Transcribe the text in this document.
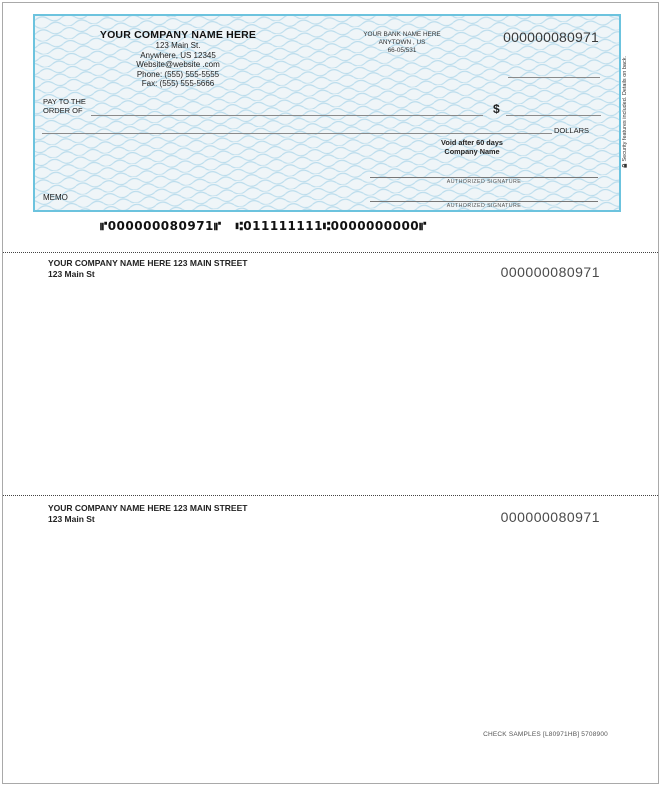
YOUR COMPANY NAME HERE
123 Main St.
Anywhere, US 12345
Website@website .com
Phone: (555) 555-5555
Fax: (555) 555-5666
YOUR BANK NAME HERE
ANYTOWN , US
66-05/531
000000080971
PAY TO THE
ORDER OF	$
DOLLARS
Void after 60 days
Company Name
AUTHORIZED SIGNATURE
AUTHORIZED SIGNATURE
MEMO
Security features included. Details on back.
⑈000000080971⑈ ⑆011111111⑆0000000000⑈
YOUR COMPANY NAME HERE 123 MAIN STREET
123 Main St	000000080971
YOUR COMPANY NAME HERE 123 MAIN STREET
123 Main St	000000080971
CHECK SAMPLES [L80971HB] 5708900
